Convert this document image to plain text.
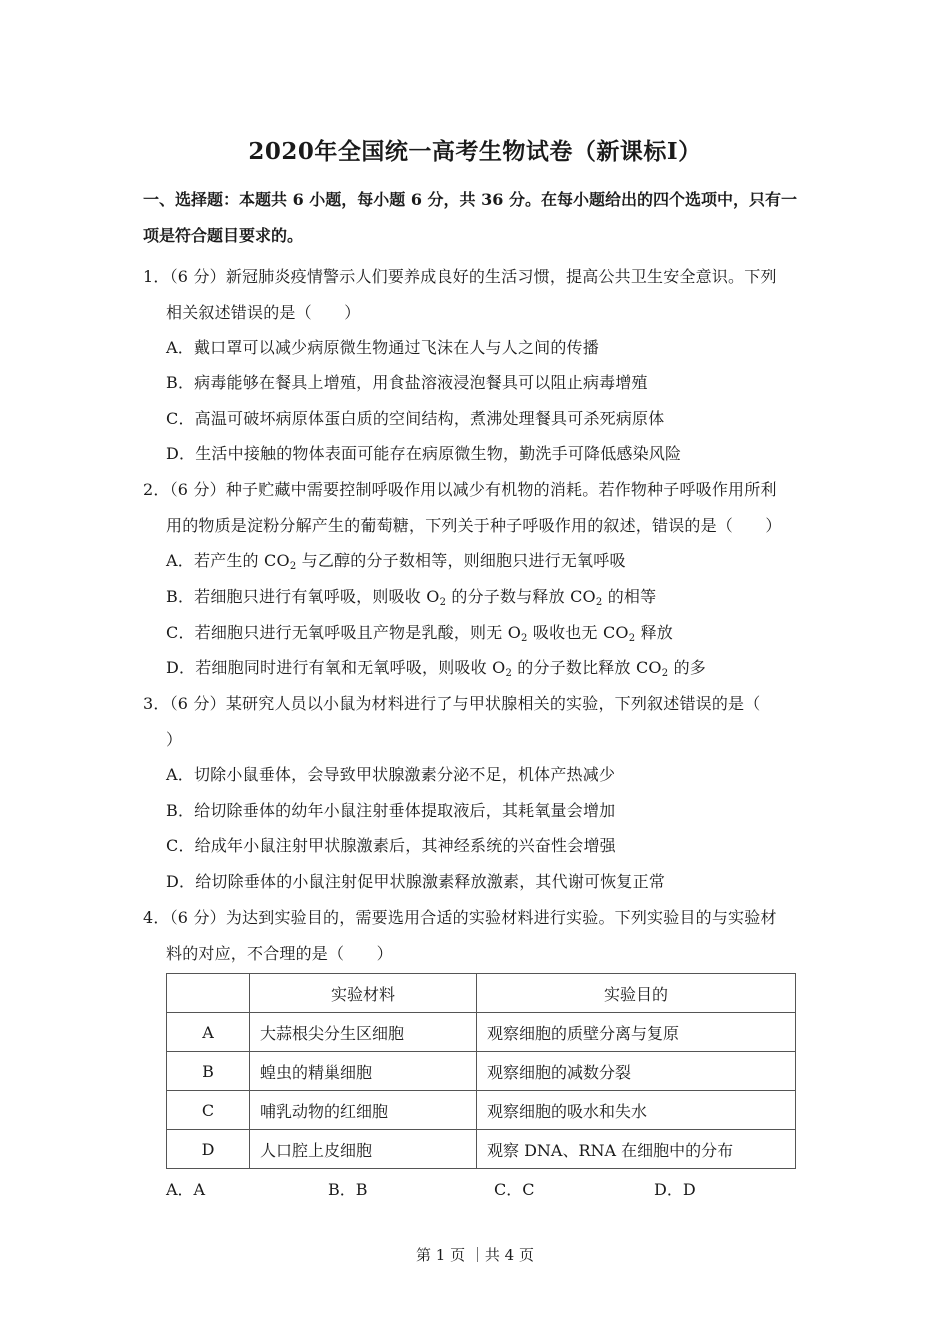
2020年全国统一高考生物试卷（新课标Ⅰ）
一、选择题：本题共 6 小题，每小题 6 分，共 36 分。在每小题给出的四个选项中，只有一
项是符合题目要求的。
1．（6 分）新冠肺炎疫情警示人们要养成良好的生活习惯，提高公共卫生安全意识。下列
相关叙述错误的是（　　）
A．戴口罩可以减少病原微生物通过飞沫在人与人之间的传播
B．病毒能够在餐具上增殖，用食盐溶液浸泡餐具可以阻止病毒增殖
C．高温可破坏病原体蛋白质的空间结构，煮沸处理餐具可杀死病原体
D．生活中接触的物体表面可能存在病原微生物，勤洗手可降低感染风险
2．（6 分）种子贮藏中需要控制呼吸作用以减少有机物的消耗。若作物种子呼吸作用所利
用的物质是淀粉分解产生的葡萄糖，下列关于种子呼吸作用的叙述，错误的是（　　）
A．若产生的 $CO_2$ 与乙醇的分子数相等，则细胞只进行无氧呼吸
B．若细胞只进行有氧呼吸，则吸收 $O_2$ 的分子数与释放 $CO_2$ 的相等
C．若细胞只进行无氧呼吸且产物是乳酸，则无 $O_2$ 吸收也无 $CO_2$ 释放
D．若细胞同时进行有氧和无氧呼吸，则吸收 $O_2$ 的分子数比释放 $CO_2$ 的多
3．（6 分）某研究人员以小鼠为材料进行了与甲状腺相关的实验，下列叙述错误的是（
）
A．切除小鼠垂体，会导致甲状腺激素分泌不足，机体产热减少
B．给切除垂体的幼年小鼠注射垂体提取液后，其耗氧量会增加
C．给成年小鼠注射甲状腺激素后，其神经系统的兴奋性会增强
D．给切除垂体的小鼠注射促甲状腺激素释放激素，其代谢可恢复正常
4．（6 分）为达到实验目的，需要选用合适的实验材料进行实验。下列实验目的与实验材
料的对应，不合理的是（　　）
	实验材料	实验目的
A	大蒜根尖分生区细胞	观察细胞的质壁分离与复原
B	蝗虫的精巢细胞	观察细胞的减数分裂
C	哺乳动物的红细胞	观察细胞的吸水和失水
D	人口腔上皮细胞	观察 DNA、RNA 在细胞中的分布
A．A	B．B	C．C	D．D
第 1 页 ｜共 4 页
